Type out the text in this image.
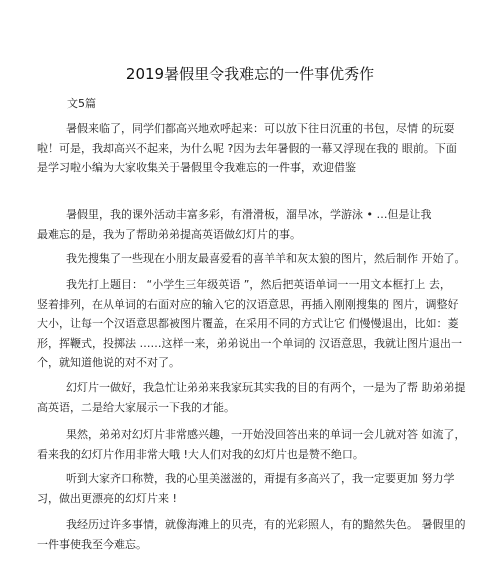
2019暑假里令我难忘的一件事优秀作
文5篇
暑假来临了，同学们都高兴地欢呼起来：可以放下往日沉重的书包，尽情 的玩耍
啦！可是，我却高兴不起来，为什么呢 ?因为去年暑假的一幕又浮现在我的 眼前。下面
是学习啦小编为大家收集关于暑假里令我难忘的一件事，欢迎借鉴
暑假里，我的课外活动丰富多彩，有滑滑板，溜旱冰，学游泳 • …但是让我
最难忘的是，我为了帮助弟弟提高英语做幻灯片的事。
我先搜集了一些现在小朋友最喜爱看的喜羊羊和灰太狼的图片，然后制作 开始了。
我先打上题目： “小学生三年级英语 ”，然后把英语单词一一用文本框打上 去，
竖着排列，在从单词的右面对应的输入它的汉语意思，再插入刚刚搜集的 图片，调整好
大小，让每一个汉语意思都被图片覆盖，在采用不同的方式让它 们慢慢退出，比如：菱
形，挥鞭式，投掷法 ……这样一来，弟弟说出一个单词的 汉语意思，我就让图片退出一
个，就知道他说的对不对了。
幻灯片一做好，我急忙让弟弟来我家玩其实我的目的有两个，一是为了帮 助弟弟提
高英语，二是给大家展示一下我的才能。
果然，弟弟对幻灯片非常感兴趣，一开始没回答出来的单词一会儿就对答 如流了，
看来我的幻灯片作用非常大哦 !大人们对我的幻灯片也是赞不绝口。
听到大家齐口称赞，我的心里美滋滋的，甭提有多高兴了，我一定要更加 努力学
习，做出更漂亮的幻灯片来 !
我经历过许多事情，就像海滩上的贝壳，有的光彩照人，有的黯然失色。 暑假里的
一件事使我至今难忘。
